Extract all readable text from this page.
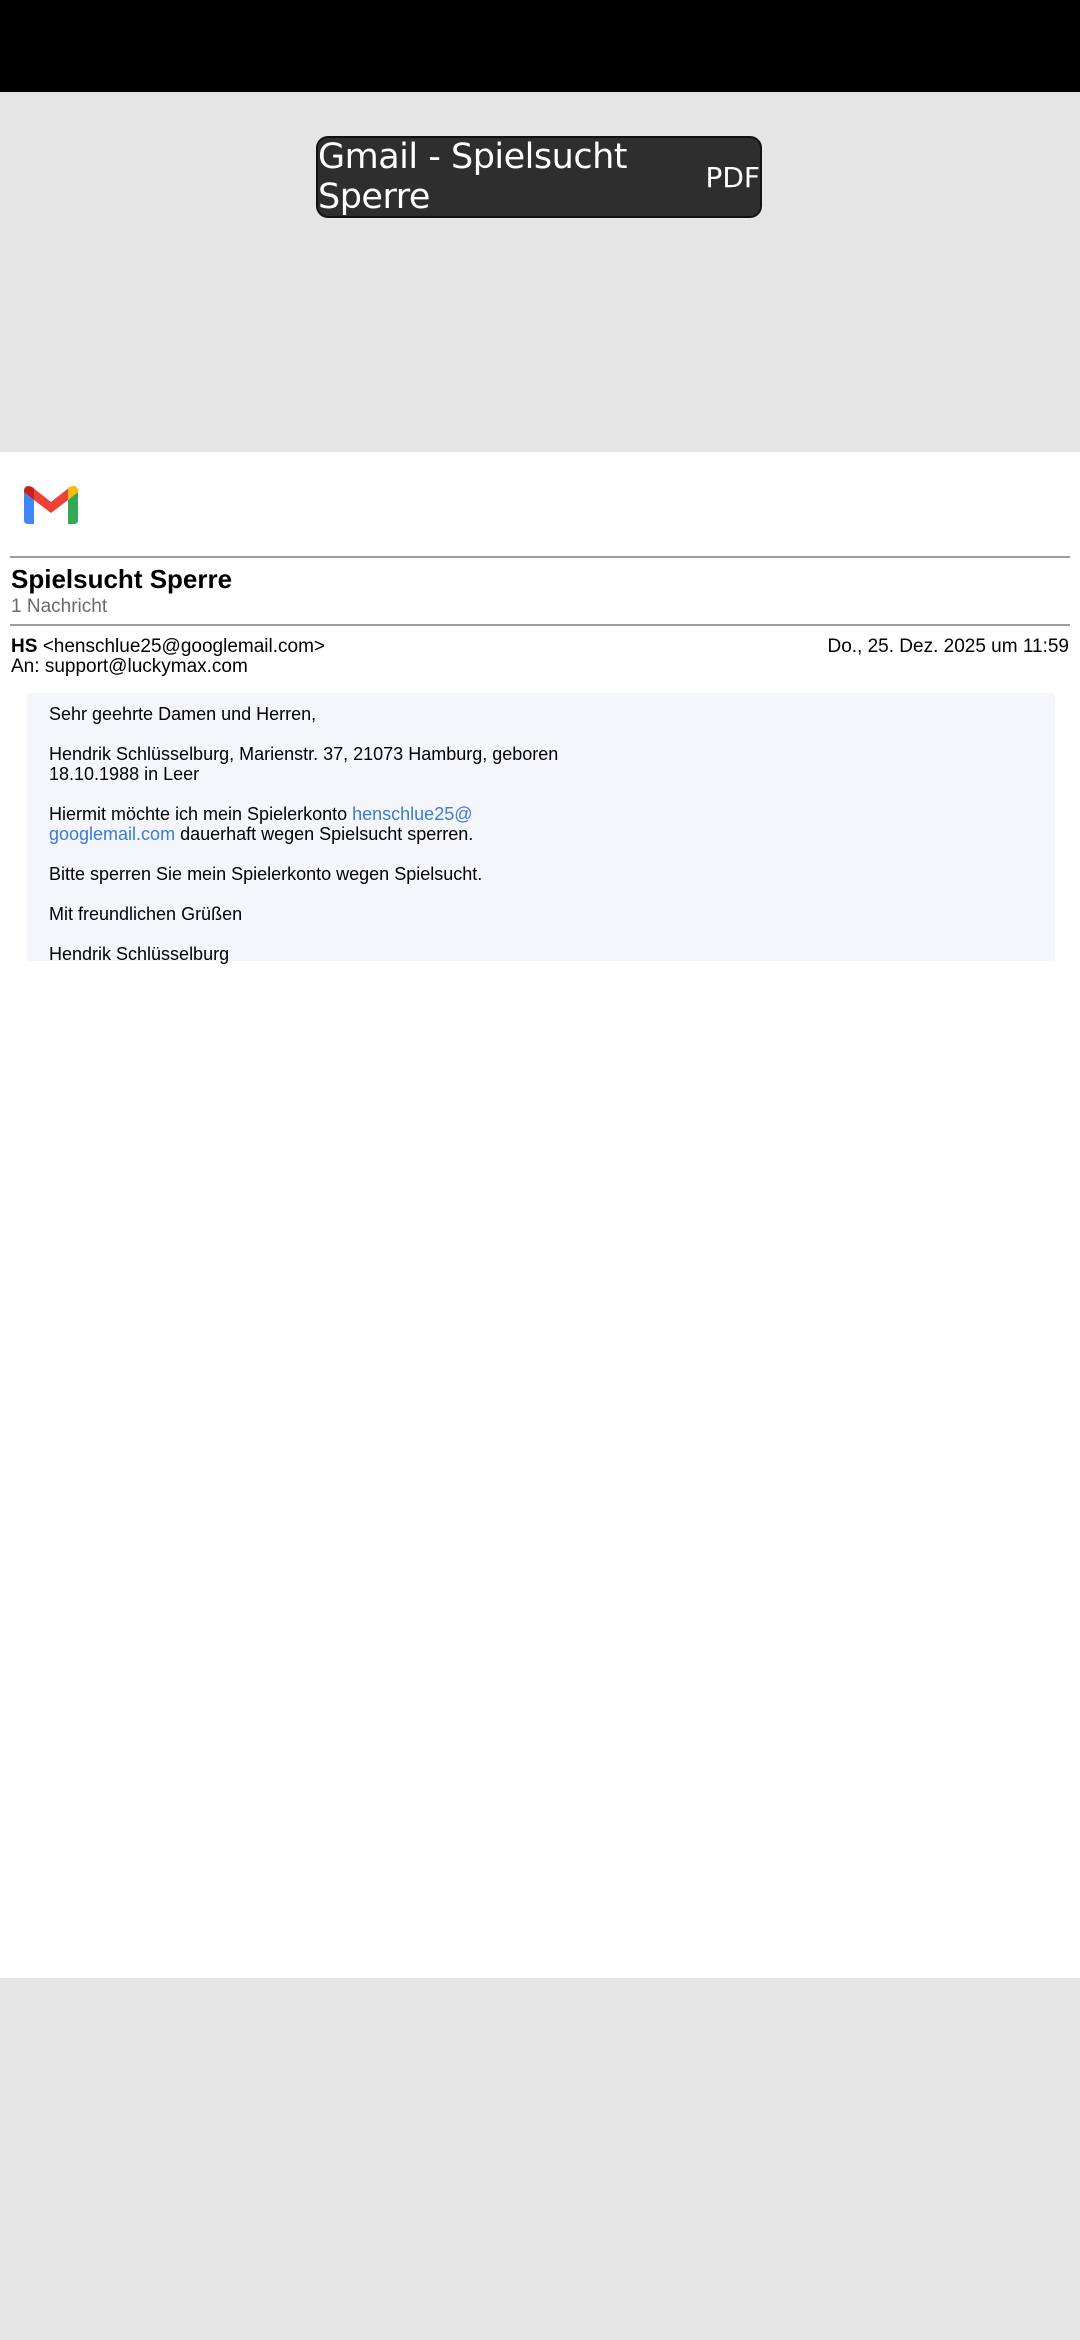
Gmail - Spielsucht Sperre	PDF
Spielsucht Sperre
1 Nachricht
HS <henschlue25@googlemail.com>	Do., 25. Dez. 2025 um 11:59
An: support@luckymax.com

Sehr geehrte Damen und Herren,

Hendrik Schlüsselburg, Marienstr. 37, 21073 Hamburg, geboren
18.10.1988 in Leer

Hiermit möchte ich mein Spielerkonto henschlue25@
googlemail.com dauerhaft wegen Spielsucht sperren.

Bitte sperren Sie mein Spielerkonto wegen Spielsucht.

Mit freundlichen Grüßen

Hendrik Schlüsselburg
